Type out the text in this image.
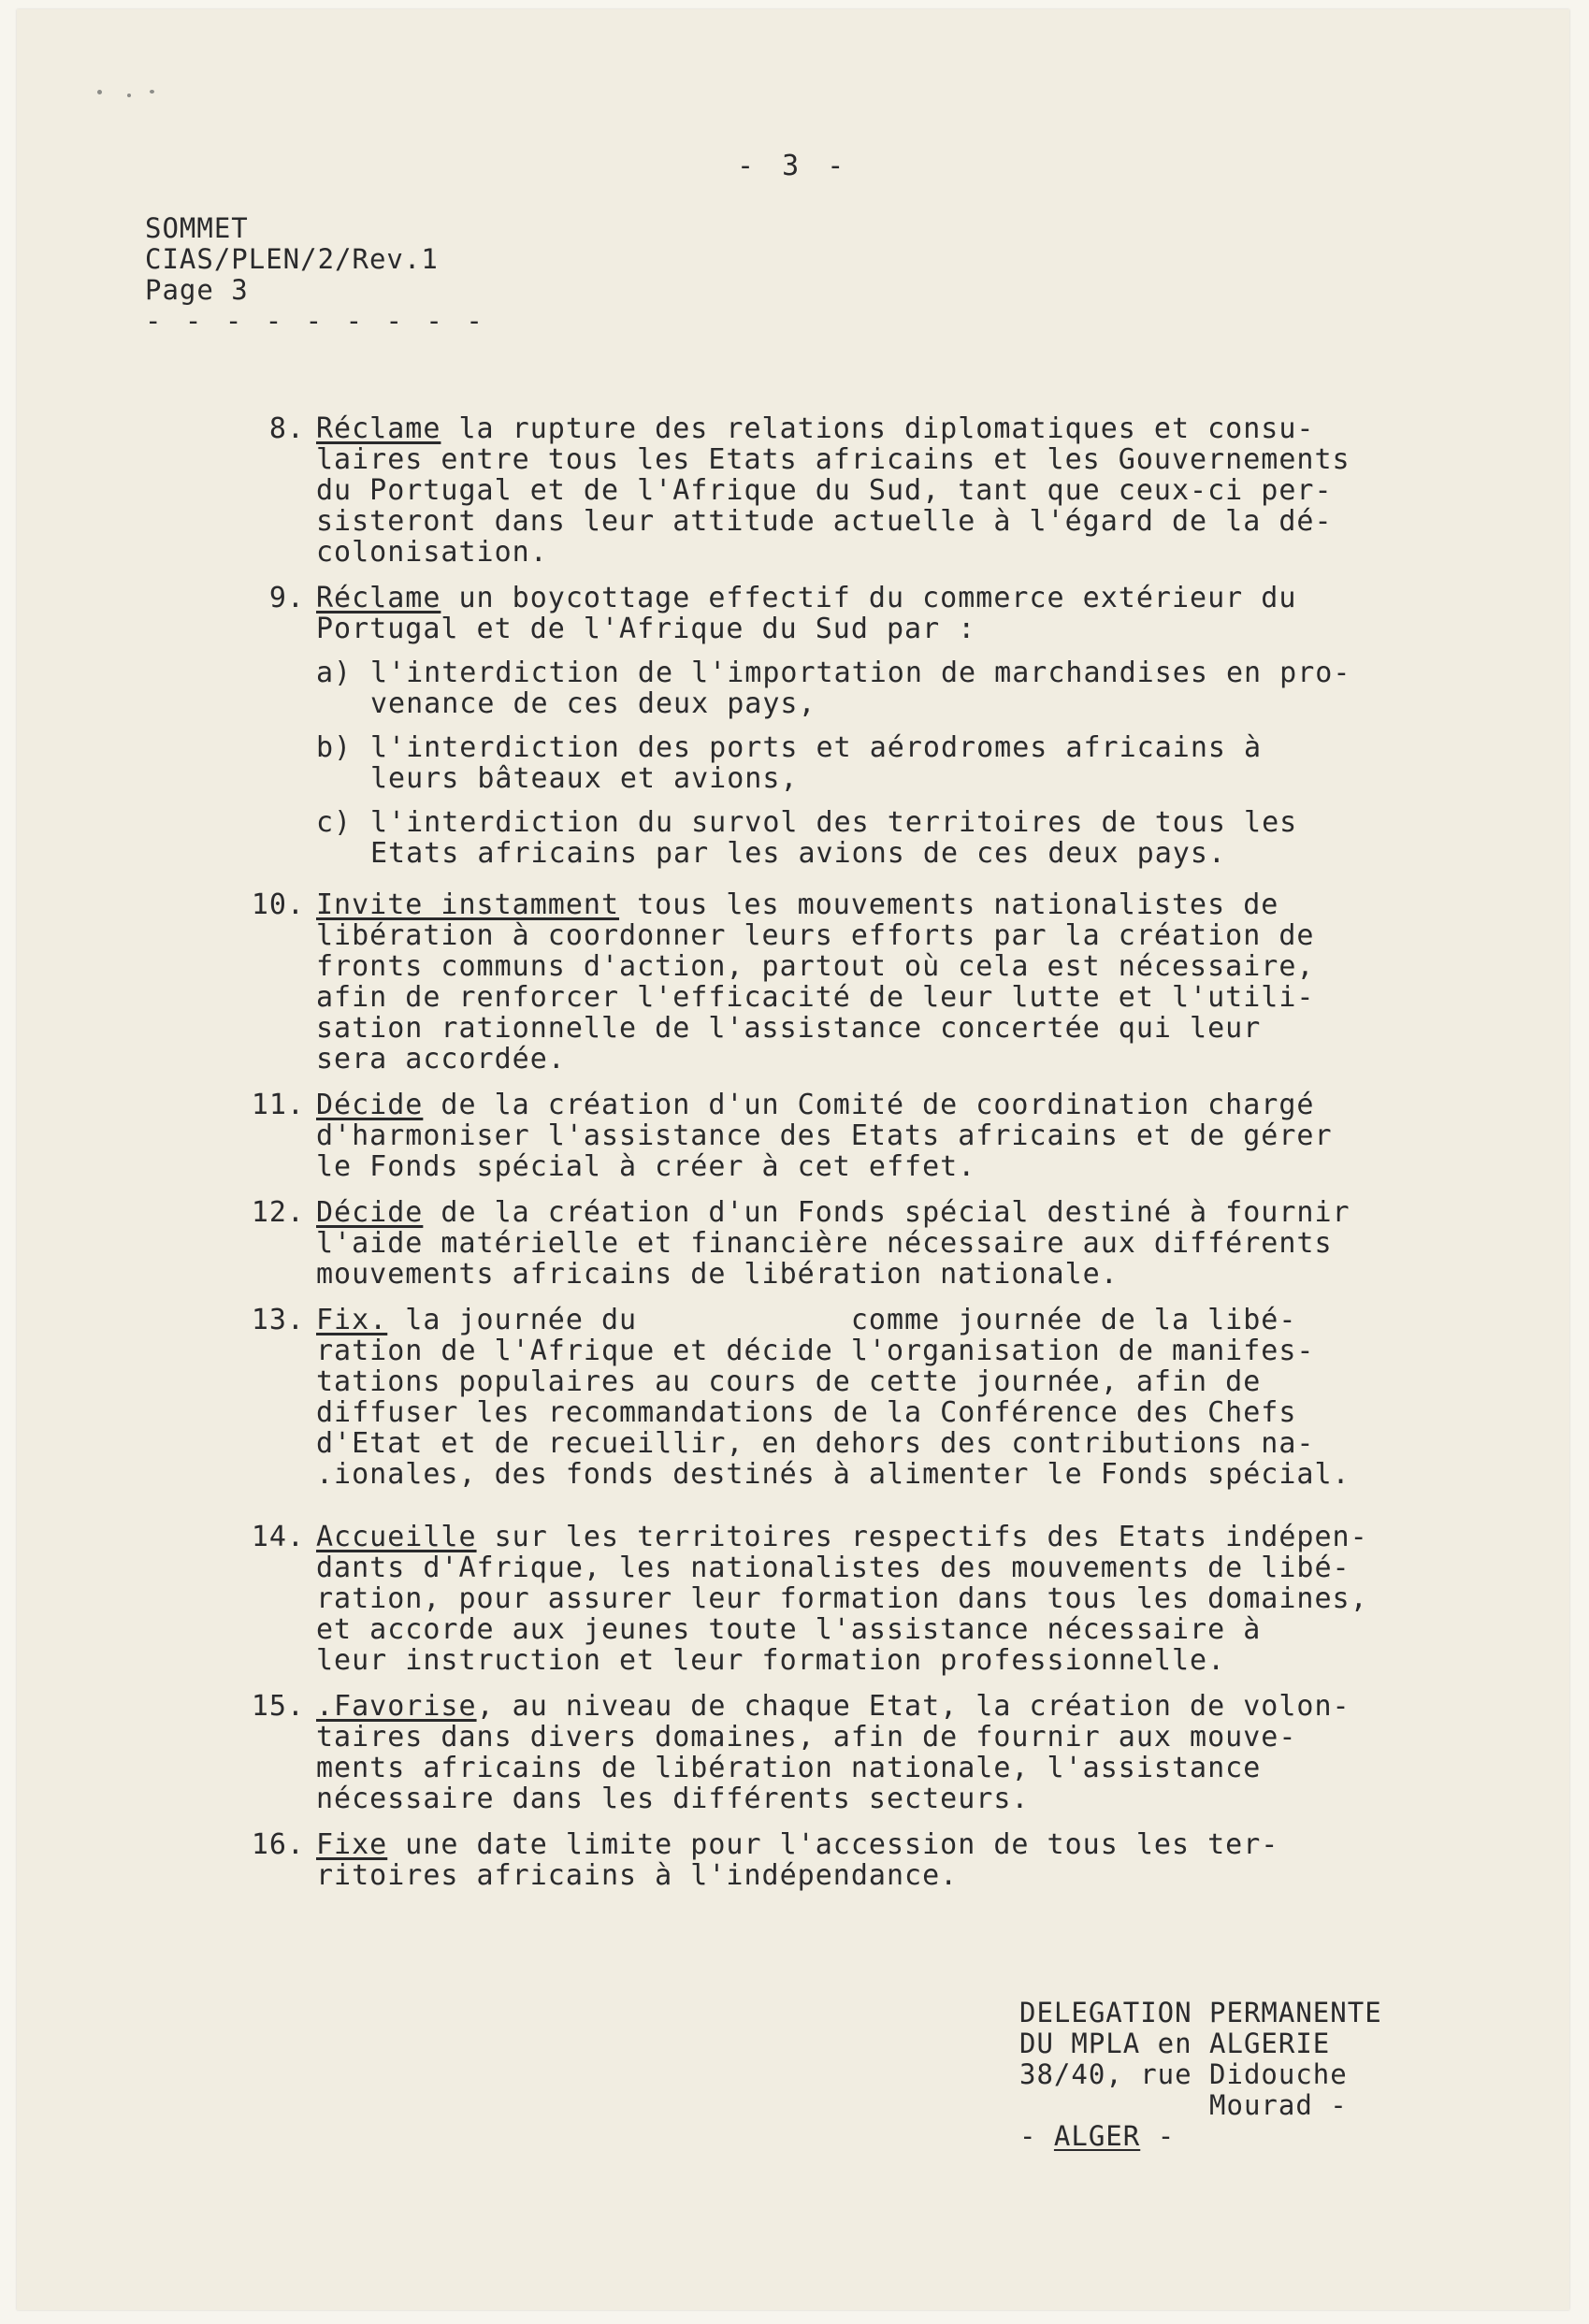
- 3 -
SOMMET
CIAS/PLEN/2/Rev.1
Page 3
- - - - - - - - -
8. Réclame la rupture des relations diplomatiques et consu-
laires entre tous les Etats africains et les Gouvernements
du Portugal et de l'Afrique du Sud, tant que ceux-ci per-
sisteront dans leur attitude actuelle à l'égard de la dé-
colonisation.
9. Réclame un boycottage effectif du commerce extérieur du
Portugal et de l'Afrique du Sud par :
a) l'interdiction de l'importation de marchandises en pro-
venance de ces deux pays,
b) l'interdiction des ports et aérodromes africains à
leurs bâteaux et avions,
c) l'interdiction du survol des territoires de tous les
Etats africains par les avions de ces deux pays.
10. Invite instamment tous les mouvements nationalistes de
libération à coordonner leurs efforts par la création de
fronts communs d'action, partout où cela est nécessaire,
afin de renforcer l'efficacité de leur lutte et l'utili-
sation rationnelle de l'assistance concertée qui leur
sera accordée.
11. Décide de la création d'un Comité de coordination chargé
d'harmoniser l'assistance des Etats africains et de gérer
le Fonds spécial à créer à cet effet.
12. Décide de la création d'un Fonds spécial destiné à fournir
l'aide matérielle et financière nécessaire aux différents
mouvements africains de libération nationale.
13. Fix. la journée du            comme journée de la libé-
ration de l'Afrique et décide l'organisation de manifes-
tations populaires au cours de cette journée, afin de
diffuser les recommandations de la Conférence des Chefs
d'Etat et de recueillir, en dehors des contributions na-
.ionales, des fonds destinés à alimenter le Fonds spécial.
14. Accueille sur les territoires respectifs des Etats indépen-
dants d'Afrique, les nationalistes des mouvements de libé-
ration, pour assurer leur formation dans tous les domaines,
et accorde aux jeunes toute l'assistance nécessaire à
leur instruction et leur formation professionnelle.
15. .Favorise, au niveau de chaque Etat, la création de volon-
taires dans divers domaines, afin de fournir aux mouve-
ments africains de libération nationale, l'assistance
nécessaire dans les différents secteurs.
16. Fixe une date limite pour l'accession de tous les ter-
ritoires africains à l'indépendance.
DELEGATION PERMANENTE
DU MPLA en ALGERIE
38/40, rue Didouche
Mourad -
- ALGER -
